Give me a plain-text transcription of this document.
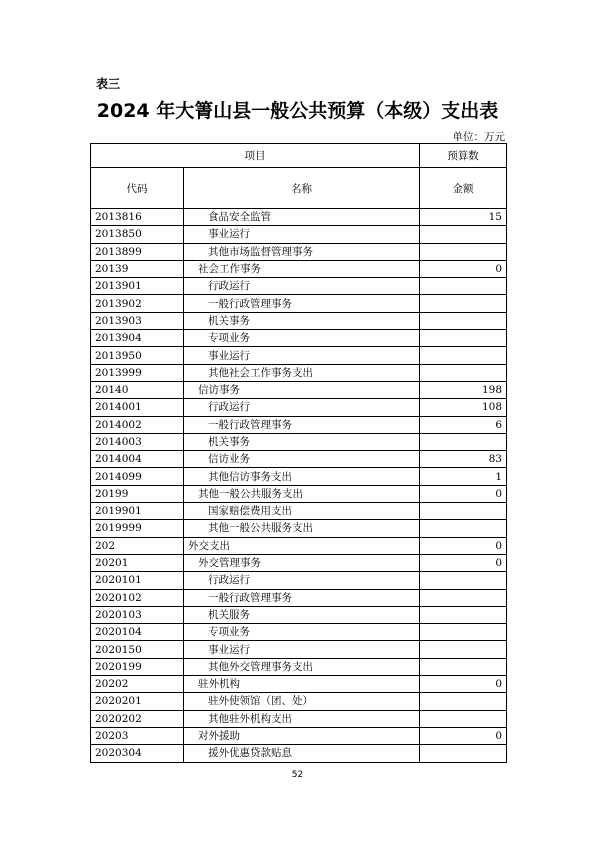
表三
2024 年大箐山县一般公共预算（本级）支出表
单位：万元
项目		预算数
代码	名称	金额
2013816	食品安全监管	15
2013850	事业运行	
2013899	其他市场监督管理事务	
20139	社会工作事务	0
2013901	行政运行	
2013902	一般行政管理事务	
2013903	机关事务	
2013904	专项业务	
2013950	事业运行	
2013999	其他社会工作事务支出	
20140	信访事务	198
2014001	行政运行	108
2014002	一般行政管理事务	6
2014003	机关事务	
2014004	信访业务	83
2014099	其他信访事务支出	1
20199	其他一般公共服务支出	0
2019901	国家赔偿费用支出	
2019999	其他一般公共服务支出	
202	外交支出	0
20201	外交管理事务	0
2020101	行政运行	
2020102	一般行政管理事务	
2020103	机关服务	
2020104	专项业务	
2020150	事业运行	
2020199	其他外交管理事务支出	
20202	驻外机构	0
2020201	驻外使领馆（团、处）	
2020202	其他驻外机构支出	
20203	对外援助	0
2020304	援外优惠贷款贴息	
52
